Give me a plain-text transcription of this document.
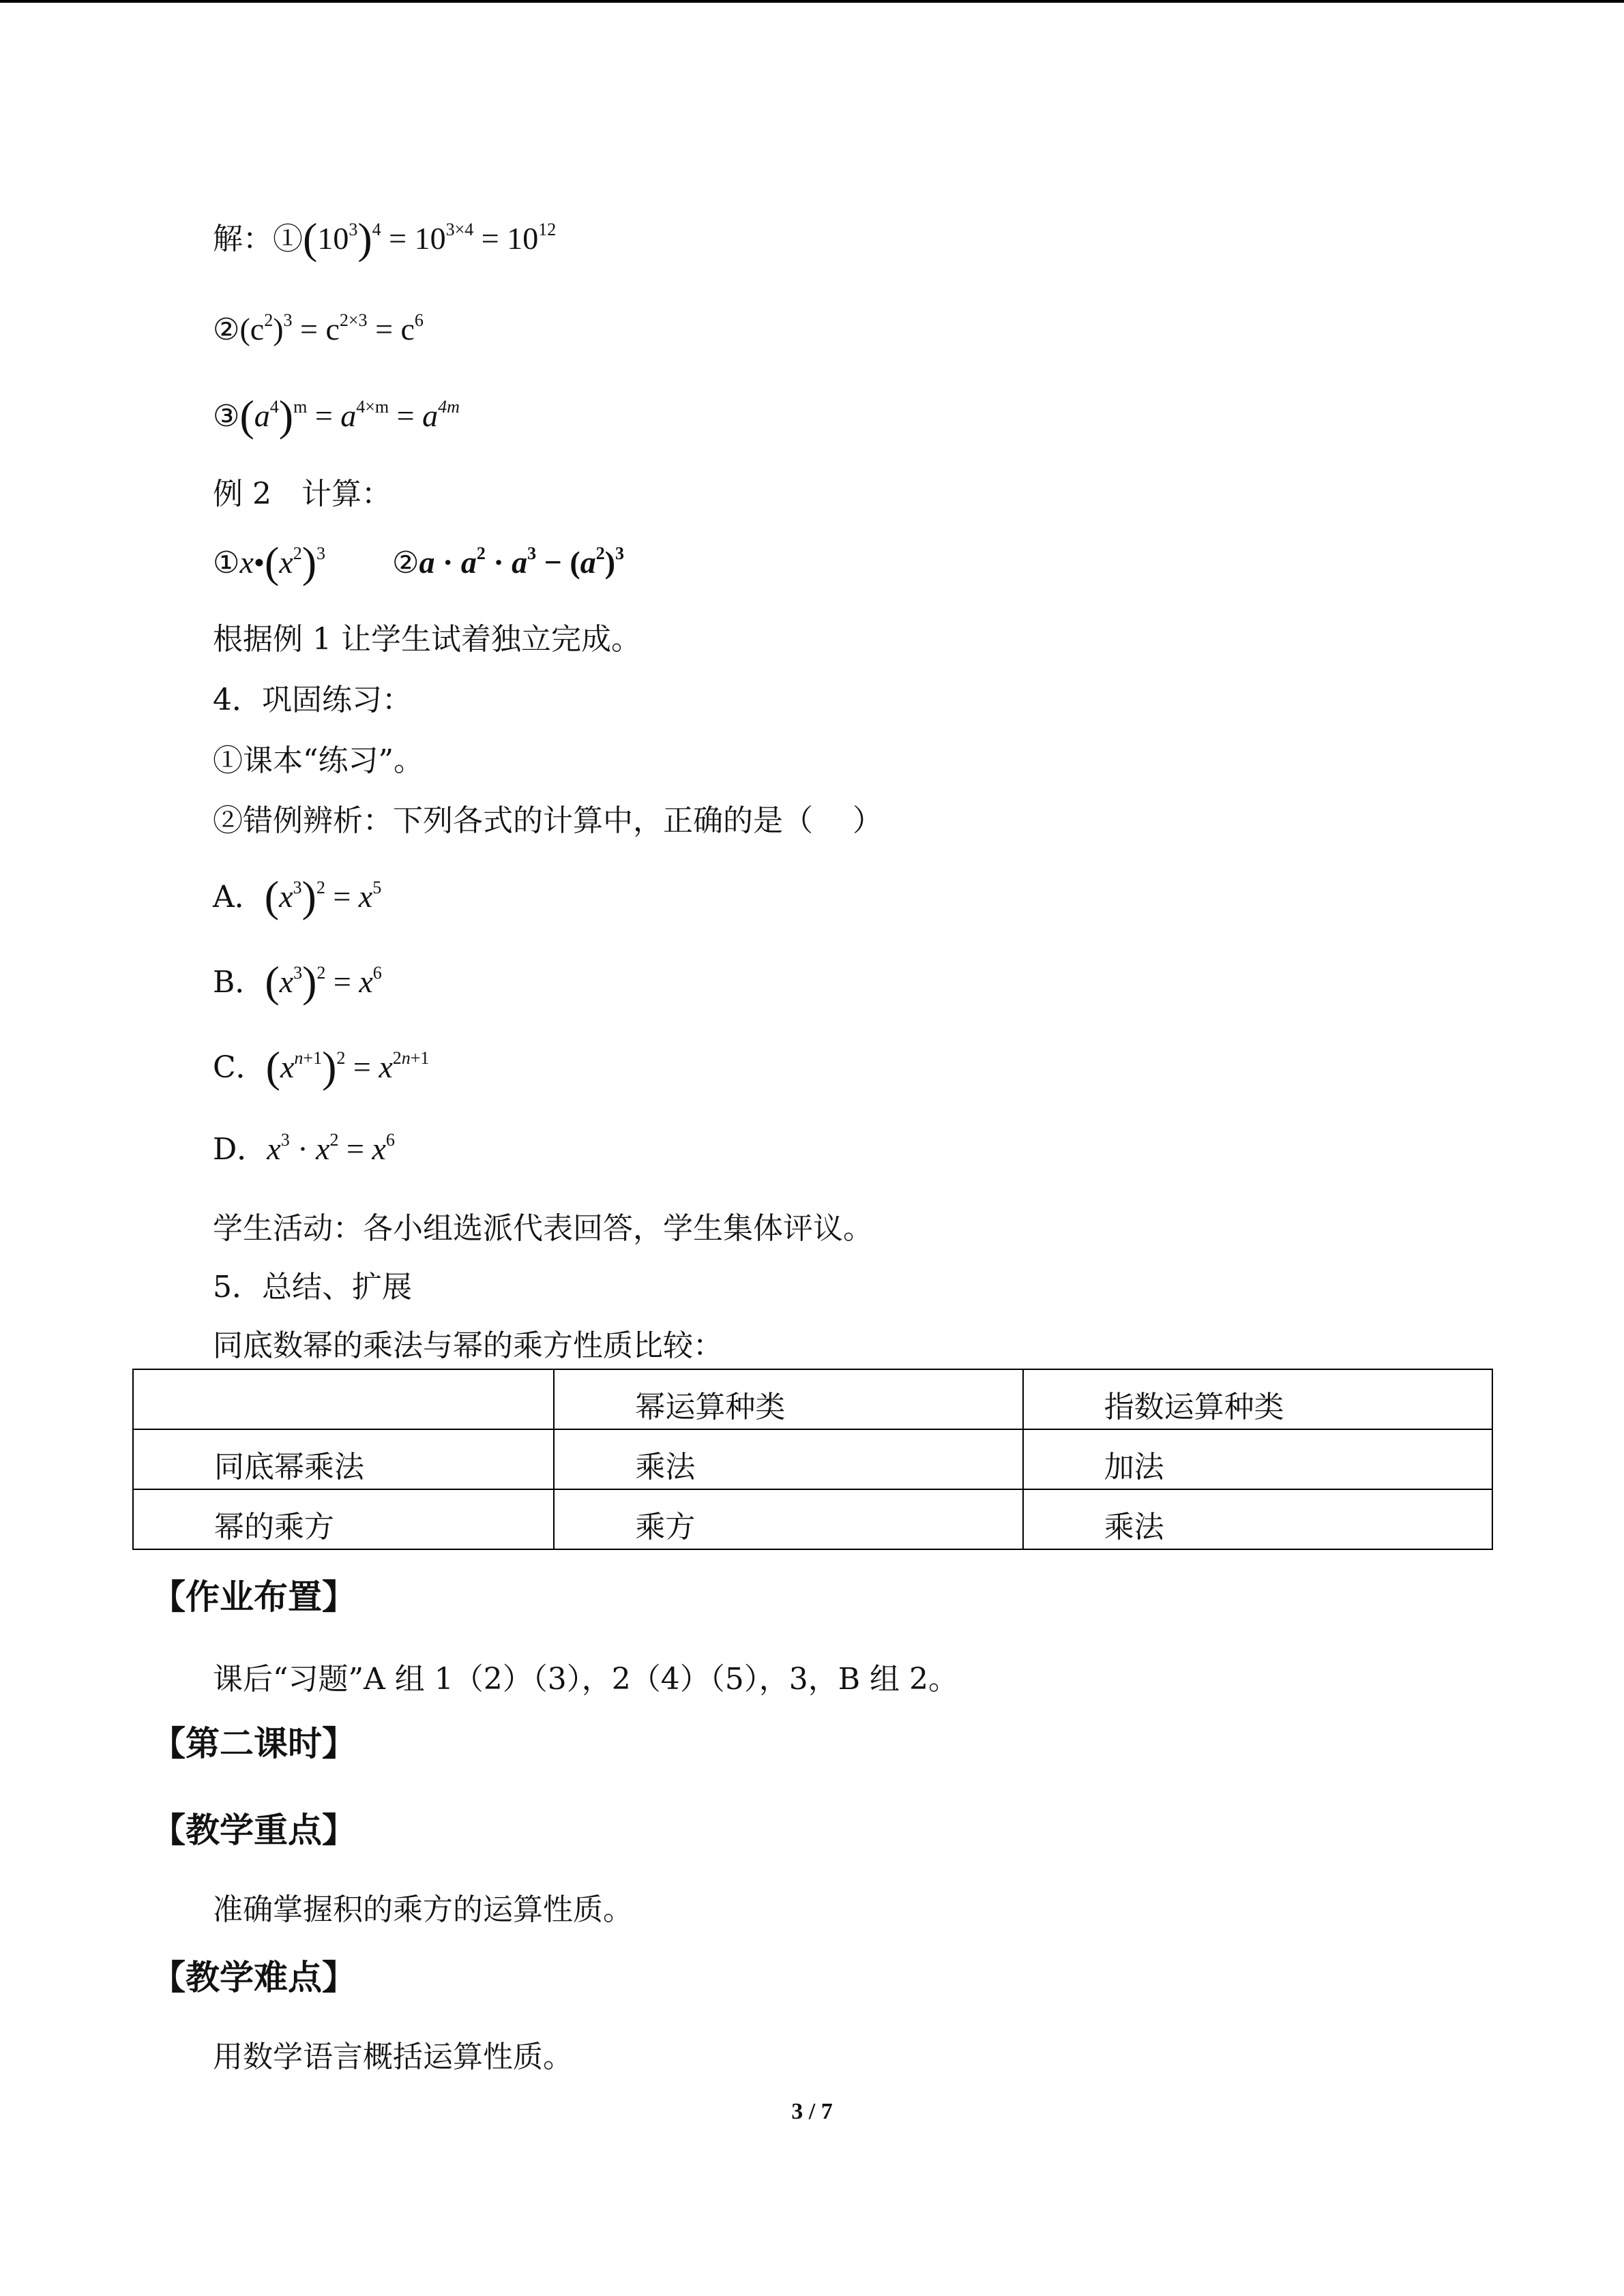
解：$①(10^3)^4 = 10^{3\times 4} = 10^{12}$
$②(c^2)^3 = c^{2\times 3} = c^6$
$③(a^4)^m = a^{4\times m} = a^{4m}$
例 2　计算：
$①x•(x^2)^3$ ②a · $a^2 \cdot a^3 - (a^2)^3$
根据例 1 让学生试着独立完成。
4．巩固练习：
①课本“练习”。
②错例辨析：下列各式的计算中，正确的是（　 ）
A．$(x^3)^2 = x^5$
B．$(x^3)^2 = x^6$
C．$(x^{n+1})^2 = x^{2n+1}$
D．$x^3 \cdot x^2 = x^6$
学生活动：各小组选派代表回答，学生集体评议。
5．总结、扩展
同底数幂的乘法与幂的乘方性质比较：

	幂运算种类	指数运算种类

同底幂乘法	乘法	加法

幂的乘方	乘方	乘法
【作业布置】
课后“习题”A 组 1（2）（3），2（4）（5），3，B 组 2。
【第二课时】
【教学重点】
准确掌握积的乘方的运算性质。
【教学难点】
用数学语言概括运算性质。
3 / 7
